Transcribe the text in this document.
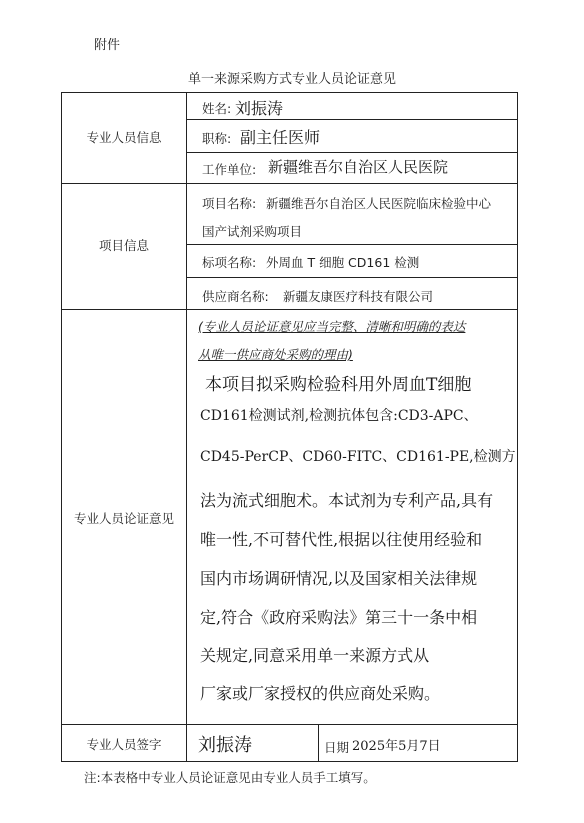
附件
单一来源采购方式专业人员论证意见
专业人员信息
项目信息
专业人员论证意见
专业人员签字
姓名: 刘振涛
职称: 副主任医师
工作单位: 新疆维吾尔自治区人民医院
项目名称: 新疆维吾尔自治区人民医院临床检验中心
国产试剂采购项目
标项名称: 外周血 T 细胞 CD161 检测
供应商名称: 新疆友康医疗科技有限公司
(专业人员论证意见应当完整、清晰和明确的表达
从唯一供应商处采购的理由)
本项目拟采购检验科用外周血T细胞
CD161检测试剂,检测抗体包含:CD3-APC、
CD45-PerCP、CD60-FITC、CD161-PE,检测方
法为流式细胞术。本试剂为专利产品,具有
唯一性,不可替代性,根据以往使用经验和
国内市场调研情况,以及国家相关法律规
定,符合《政府采购法》第三十一条中相
关规定,同意采用单一来源方式从
厂家或厂家授权的供应商处采购。
刘振涛	日期 2025年5月7日
注:本表格中专业人员论证意见由专业人员手工填写。
